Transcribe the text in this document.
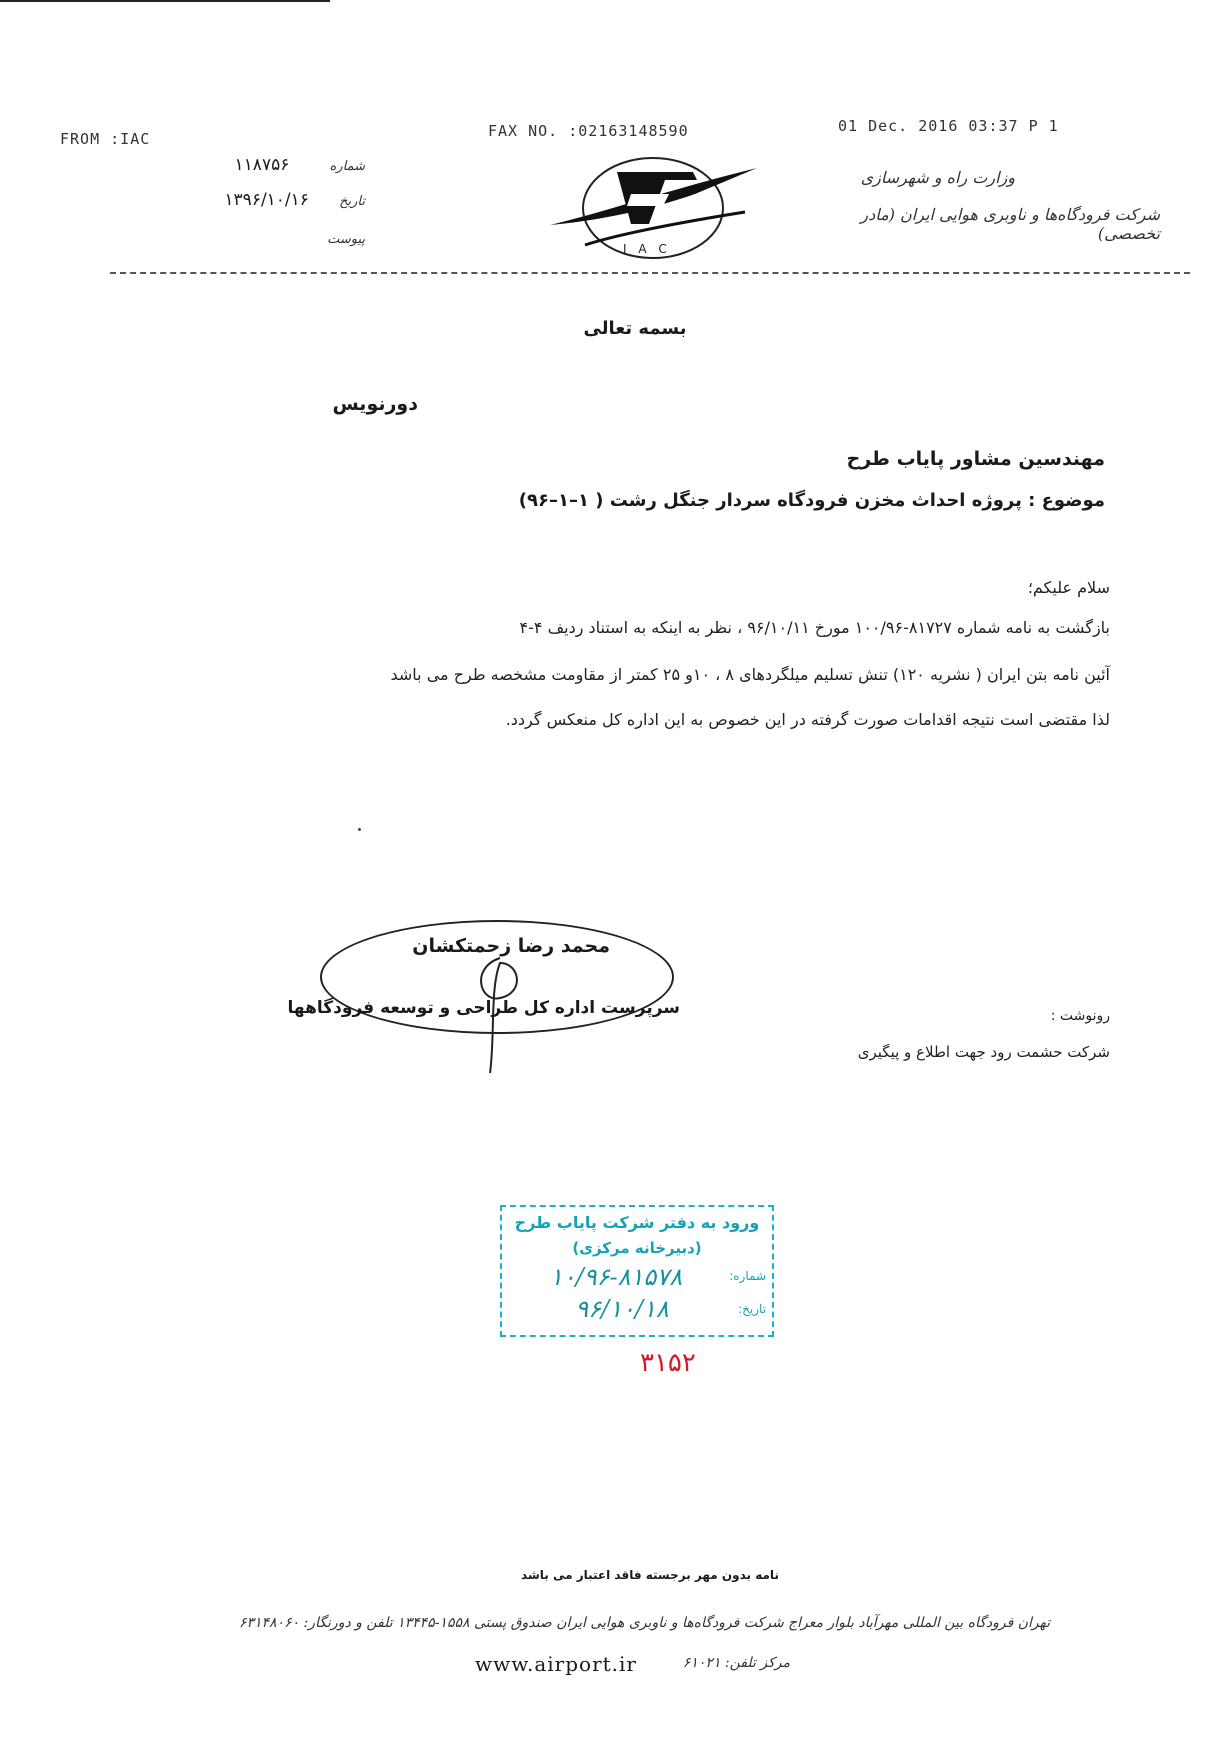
FROM :IAC	FAX NO. :02163148590	01 Dec. 2016 03:37 P 1
شماره  ۱۱۸۷۵۶
تاریخ  ۱۳۹۶/۱۰/۱۶
پیوست
I A C
وزارت راه و شهرسازی
شرکت فرودگاه‌ها و ناوبری هوایی ایران (مادر تخصصی)
بسمه تعالی
دورنویس
مهندسین مشاور پایاب طرح
موضوع : پروژه احداث مخزن فرودگاه سردار جنگل رشت ( ۱–۱–۹۶)
سلام علیکم؛
بازگشت به نامه شماره ۸۱۷۲۷-۱۰۰/۹۶ مورخ ۹۶/۱۰/۱۱ ، نظر به اینکه به استناد ردیف ۴-۴
آئین نامه بتن ایران ( نشریه ۱۲۰) تنش تسلیم میلگردهای ۸ ، ۱۰و ۲۵ کمتر از مقاومت مشخصه طرح می باشد
لذا مقتضی است نتیجه اقدامات صورت گرفته در این خصوص به این اداره کل منعکس گردد.
محمد رضا زحمتکشان
سرپرست اداره کل طراحی و توسعه فرودگاهها	رونوشت :
شرکت حشمت رود جهت اطلاع و پیگیری
ورود به دفتر شرکت پایاب طرح
(دبیرخانه مرکزی)
شماره:
۱۰/۹۶-۸۱۵۷۸
تاریخ:
۹۶/۱۰/۱۸
۳۱۵۲
نامه بدون مهر برجسته فاقد اعتبار می باشد
تهران فرودگاه بین المللی مهرآباد بلوار معراج شرکت فرودگاه‌ها و ناوبری هوایی ایران صندوق پستی ۱۵۵۸-۱۳۴۴۵ تلفن و دورنگار: ۶۳۱۴۸۰۶۰
www.airport.ir	مرکز تلفن: ۶۱۰۲۱
